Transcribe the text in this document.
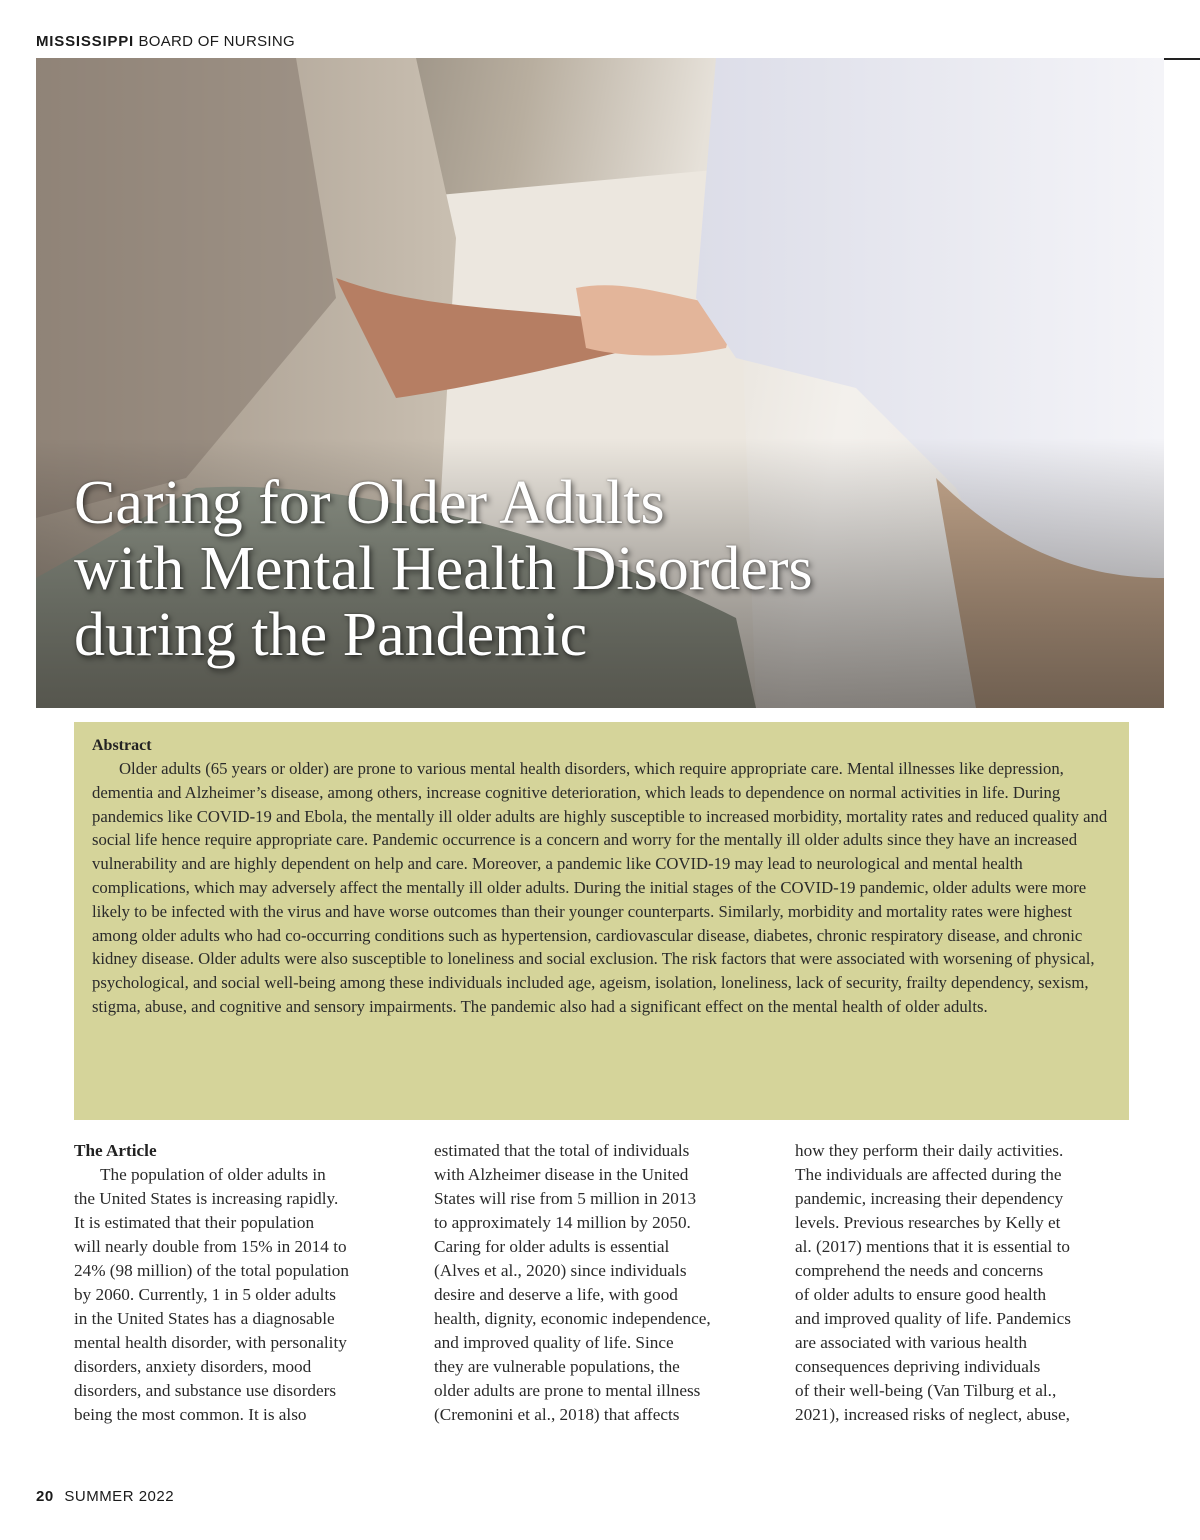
MISSISSIPPI BOARD OF NURSING
Caring for Older Adults
with Mental Health Disorders
during the Pandemic
Abstract

Older adults (65 years or older) are prone to various mental health disorders, which require appropriate care. Mental illnesses like depression, dementia and Alzheimer’s disease, among others, increase cognitive deterioration, which leads to dependence on normal activities in life. During pandemics like COVID-19 and Ebola, the mentally ill older adults are highly susceptible to increased morbidity, mortality rates and reduced quality and social life hence require appropriate care. Pandemic occurrence is a concern and worry for the mentally ill older adults since they have an increased vulnerability and are highly dependent on help and care. Moreover, a pandemic like COVID-19 may lead to neurological and mental health complications, which may adversely affect the mentally ill older adults. During the initial stages of the COVID-19 pandemic, older adults were more likely to be infected with the virus and have worse outcomes than their younger counterparts. Similarly, morbidity and mortality rates were highest among older adults who had co-occurring conditions such as hypertension, cardiovascular disease, diabetes, chronic respiratory disease, and chronic kidney disease. Older adults were also susceptible to loneliness and social exclusion. The risk factors that were associated with worsening of physical, psychological, and social well-being among these individuals included age, ageism, isolation, loneliness, lack of security, frailty dependency, sexism, stigma, abuse, and cognitive and sensory impairments. The pandemic also had a significant effect on the mental health of older adults.

The Article
The population of older adults in
the United States is increasing rapidly.
It is estimated that their population
will nearly double from 15% in 2014 to
24% (98 million) of the total population
by 2060. Currently, 1 in 5 older adults
in the United States has a diagnosable
mental health disorder, with personality
disorders, anxiety disorders, mood
disorders, and substance use disorders
being the most common. It is also
estimated that the total of individuals
with Alzheimer disease in the United
States will rise from 5 million in 2013
to approximately 14 million by 2050.
Caring for older adults is essential
(Alves et al., 2020) since individuals
desire and deserve a life, with good
health, dignity, economic independence,
and improved quality of life. Since
they are vulnerable populations, the
older adults are prone to mental illness
(Cremonini et al., 2018) that affects
how they perform their daily activities.
The individuals are affected during the
pandemic, increasing their dependency
levels. Previous researches by Kelly et
al. (2017) mentions that it is essential to
comprehend the needs and concerns
of older adults to ensure good health
and improved quality of life. Pandemics
are associated with various health
consequences depriving individuals
of their well-being (Van Tilburg et al.,
2021), increased risks of neglect, abuse,
20 SUMMER 2022
